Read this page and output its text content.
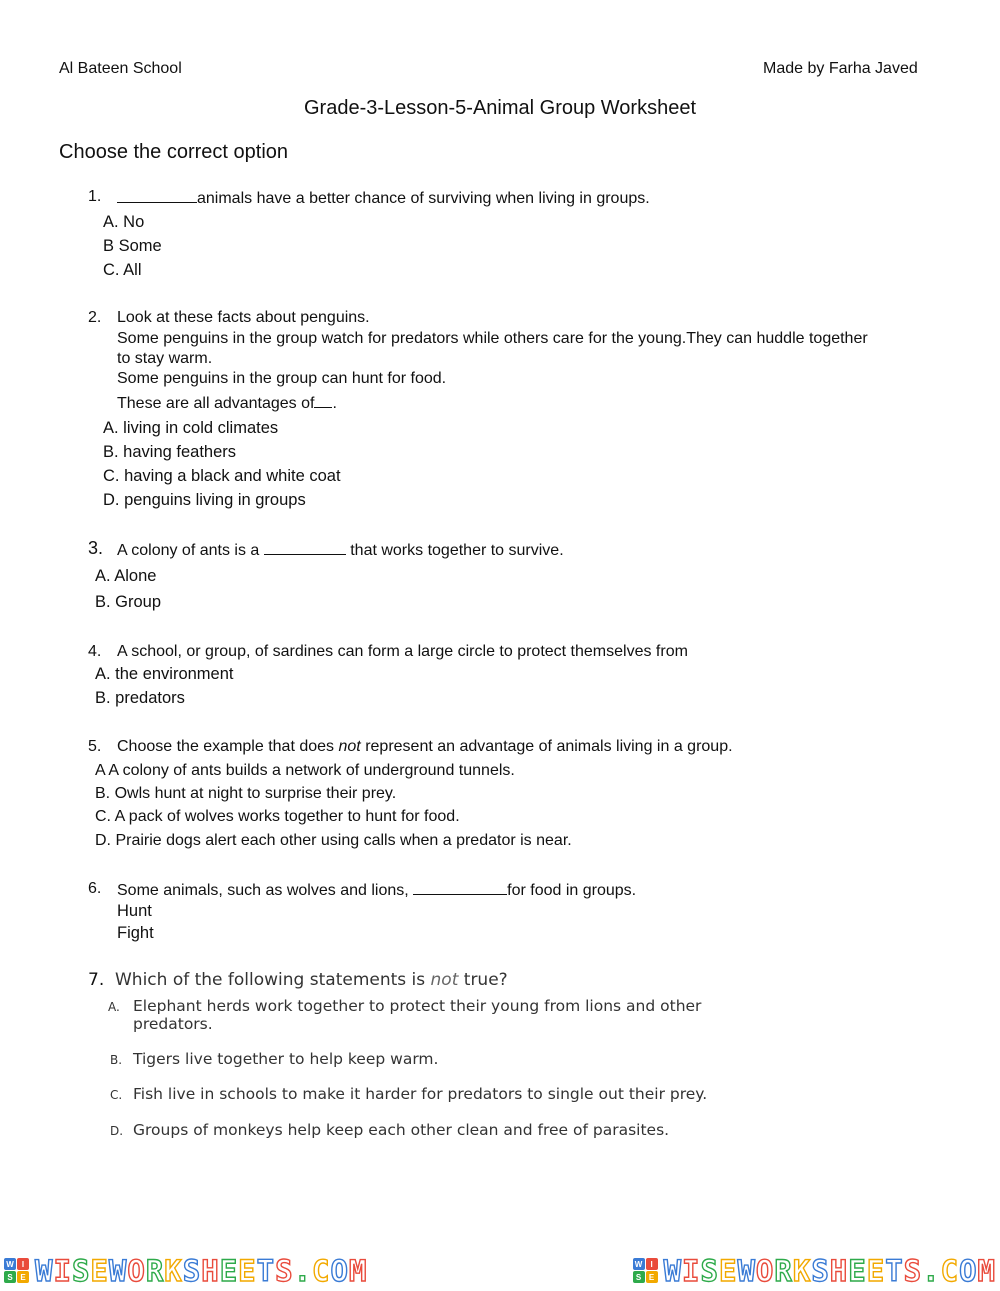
Al Bateen School	Made by Farha Javed
Grade-3-Lesson-5-Animal Group Worksheet
Choose the correct option
1.	animals have a better chance of surviving when living in groups.
A. No
B Some
C. All
2. Look at these facts about penguins.
Some penguins in the group watch for predators while others care for the young.They can huddle together
to stay warm.
Some penguins in the group can hunt for food.
These are all advantages of .
A. living in cold climates
B. having feathers
C. having a black and white coat
D. penguins living in groups
3. A colony of ants is a	that works together to survive.
A. Alone
B. Group
4. A school, or group, of sardines can form a large circle to protect themselves from
A. the environment
B. predators
5. Choose the example that does not represent an advantage of animals living in a group.
A A colony of ants builds a network of underground tunnels.
B. Owls hunt at night to surprise their prey.
C. A pack of wolves works together to hunt for food.
D. Prairie dogs alert each other using calls when a predator is near.
6. Some animals, such as wolves and lions,	for food in groups.
Hunt
Fight
7. Which of the following statements is not true?
A. Elephant herds work together to protect their young from lions and other
predators.
B. Tigers live together to help keep warm.
C. Fish live in schools to make it harder for predators to single out their prey.
D. Groups of monkeys help keep each other clean and free of parasites.
W	I
S E WISEWORKSHEETS.COM	W	I
S E WISEWORKSHEETS.COM
